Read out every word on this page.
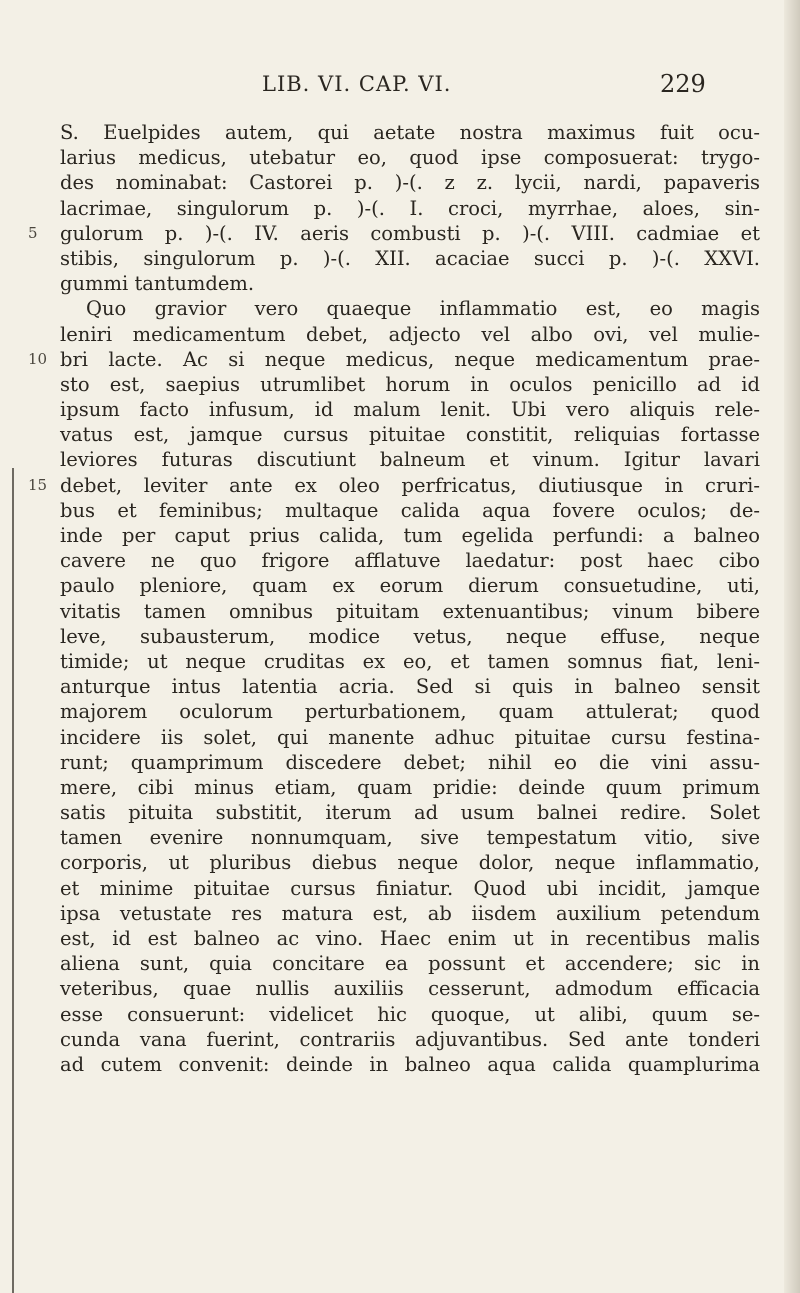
LIB. VI. CAP. VI.	229
S. Euelpides autem, qui aetate nostra maximus fuit ocu-
larius medicus, utebatur eo, quod ipse composuerat: trygo-
des nominabat: Castorei p. )-(. z z. lycii, nardi, papaveris
lacrimae, singulorum p. )-(. I. croci, myrrhae, aloes, sin-
5 gulorum p. )-(. IV. aeris combusti p. )-(. VIII. cadmiae et
stibis, singulorum p. )-(. XII. acaciae succi p. )-(. XXVI.
gummi tantumdem.
Quo gravior vero quaeque inflammatio est, eo magis
leniri medicamentum debet, adjecto vel albo ovi, vel mulie-
10 bri lacte. Ac si neque medicus, neque medicamentum prae-
sto est, saepius utrumlibet horum in oculos penicillo ad id
ipsum facto infusum, id malum lenit. Ubi vero aliquis rele-
vatus est, jamque cursus pituitae constitit, reliquias fortasse
leviores futuras discutiunt balneum et vinum. Igitur lavari
15 debet, leviter ante ex oleo perfricatus, diutiusque in cruri-
bus et feminibus; multaque calida aqua fovere oculos; de-
inde per caput prius calida, tum egelida perfundi: a balneo
cavere ne quo frigore afflatuve laedatur: post haec cibo
paulo pleniore, quam ex eorum dierum consuetudine, uti,
vitatis tamen omnibus pituitam extenuantibus; vinum bibere
leve, subausterum, modice vetus, neque effuse, neque
timide; ut neque cruditas ex eo, et tamen somnus fiat, leni-
anturque intus latentia acria. Sed si quis in balneo sensit
majorem oculorum perturbationem, quam attulerat; quod
incidere iis solet, qui manente adhuc pituitae cursu festina-
runt; quamprimum discedere debet; nihil eo die vini assu-
mere, cibi minus etiam, quam pridie: deinde quum primum
satis pituita substitit, iterum ad usum balnei redire. Solet
tamen evenire nonnumquam, sive tempestatum vitio, sive
corporis, ut pluribus diebus neque dolor, neque inflammatio,
et minime pituitae cursus finiatur. Quod ubi incidit, jamque
ipsa vetustate res matura est, ab iisdem auxilium petendum
est, id est balneo ac vino. Haec enim ut in recentibus malis
aliena sunt, quia concitare ea possunt et accendere; sic in
veteribus, quae nullis auxiliis cesserunt, admodum efficacia
esse consuerunt: videlicet hic quoque, ut alibi, quum se-
cunda vana fuerint, contrariis adjuvantibus. Sed ante tonderi
ad cutem convenit: deinde in balneo aqua calida quamplurima
